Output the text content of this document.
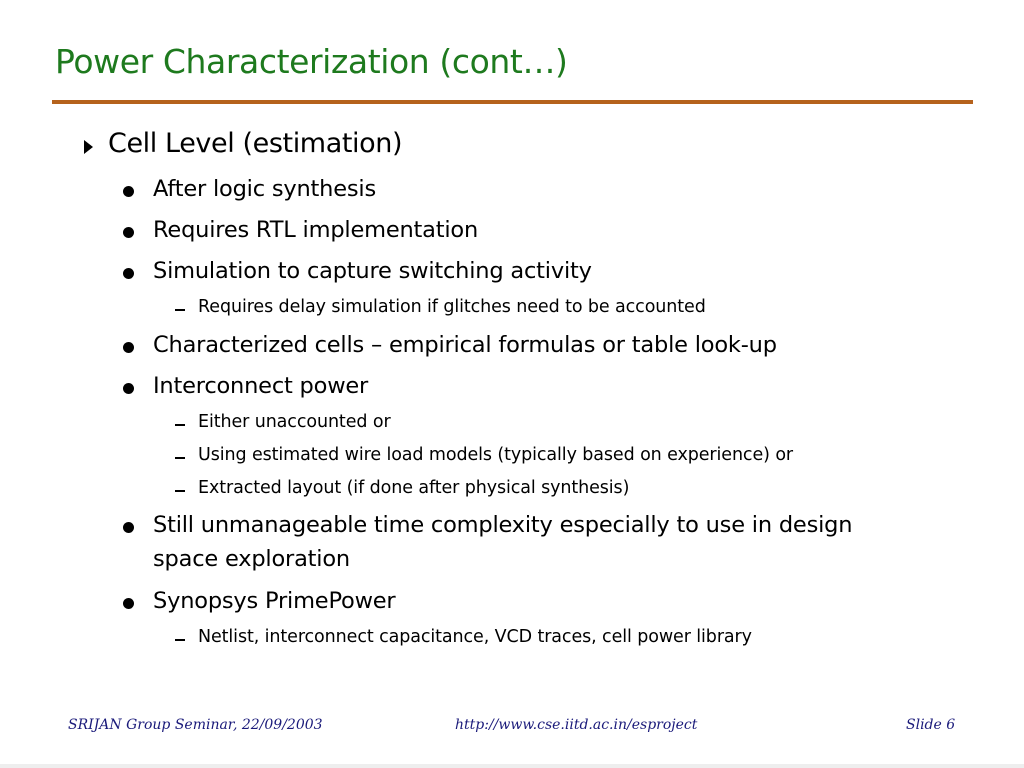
Power Characterization (cont…)
Cell Level (estimation)
After logic synthesis
Requires RTL implementation
Simulation to capture switching activity
Requires delay simulation if glitches need to be accounted
Characterized cells – empirical formulas or table look-up
Interconnect power
Either unaccounted or
Using estimated wire load models (typically based on experience) or
Extracted layout (if done after physical synthesis)
Still unmanageable time complexity especially to use in design
space exploration
Synopsys PrimePower
Netlist, interconnect capacitance, VCD traces, cell power library
SRIJAN Group Seminar, 22/09/2003	http://www.cse.iitd.ac.in/esproject	Slide 6
